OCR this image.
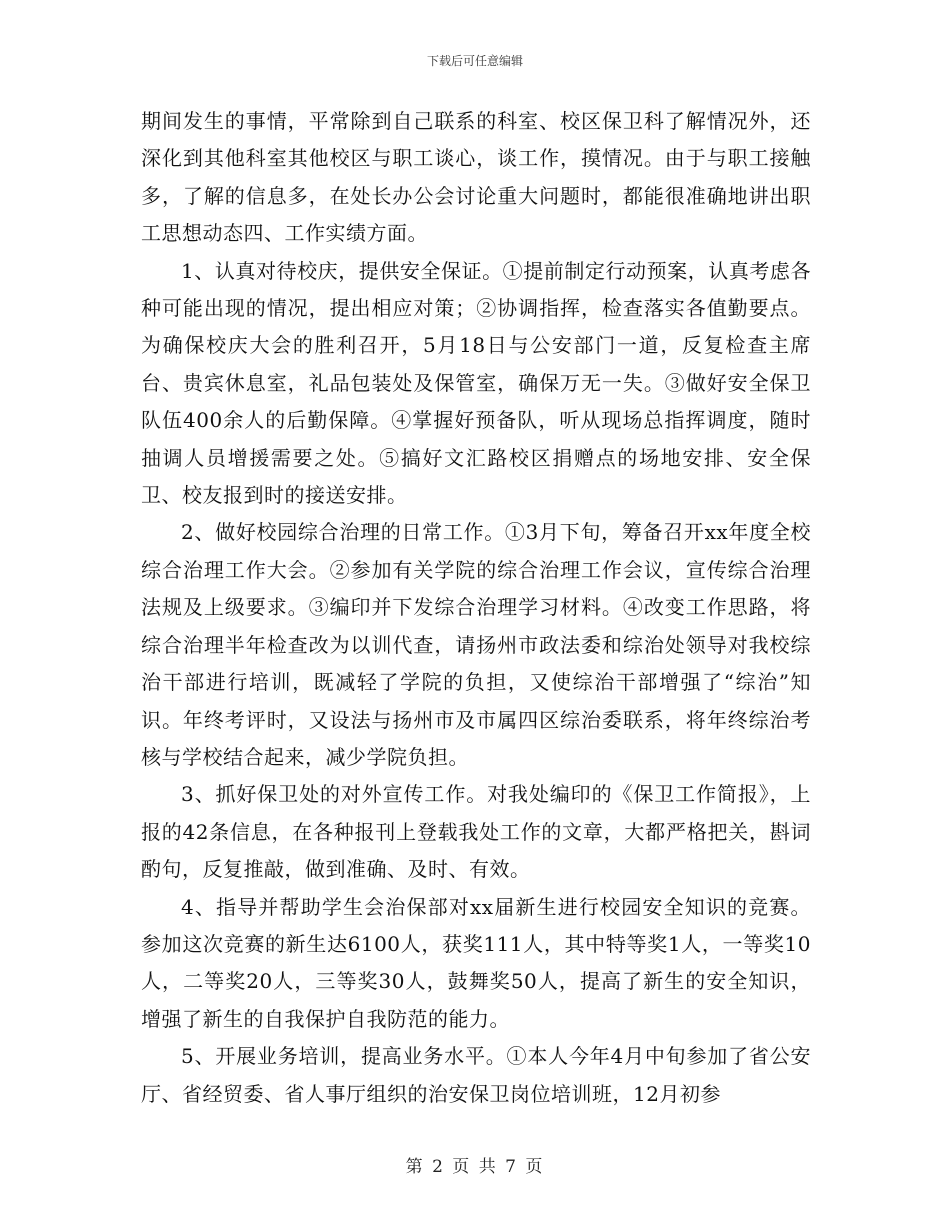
下载后可任意编辑

期间发生的事情，平常除到自己联系的科室、校区保卫科了解情况外，还深化到其他科室其他校区与职工谈心，谈工作，摸情况。由于与职工接触多，了解的信息多，在处长办公会讨论重大问题时，都能很准确地讲出职工思想动态四、工作实绩方面。

1、认真对待校庆，提供安全保证。①提前制定行动预案，认真考虑各种可能出现的情况，提出相应对策；②协调指挥，检查落实各值勤要点。为确保校庆大会的胜利召开，5月18日与公安部门一道，反复检查主席台、贵宾休息室，礼品包装处及保管室，确保万无一失。③做好安全保卫队伍400余人的后勤保障。④掌握好预备队，听从现场总指挥调度，随时抽调人员增援需要之处。⑤搞好文汇路校区捐赠点的场地安排、安全保卫、校友报到时的接送安排。

2、做好校园综合治理的日常工作。①3月下旬，筹备召开xx年度全校综合治理工作大会。②参加有关学院的综合治理工作会议，宣传综合治理法规及上级要求。③编印并下发综合治理学习材料。④改变工作思路，将综合治理半年检查改为以训代查，请扬州市政法委和综治处领导对我校综治干部进行培训，既减轻了学院的负担，又使综治干部增强了“综治”知识。年终考评时，又设法与扬州市及市属四区综治委联系，将年终综治考核与学校结合起来，减少学院负担。

3、抓好保卫处的对外宣传工作。对我处编印的《保卫工作简报》，上报的42条信息，在各种报刊上登载我处工作的文章，大都严格把关，斟词酌句，反复推敲，做到准确、及时、有效。

4、指导并帮助学生会治保部对xx届新生进行校园安全知识的竞赛。参加这次竞赛的新生达6100人，获奖111人，其中特等奖1人，一等奖10人，二等奖20人，三等奖30人，鼓舞奖50人，提高了新生的安全知识，增强了新生的自我保护自我防范的能力。

5、开展业务培训，提高业务水平。①本人今年4月中旬参加了省公安厅、省经贸委、省人事厅组织的治安保卫岗位培训班，12月初参

第 2 页 共 7 页
